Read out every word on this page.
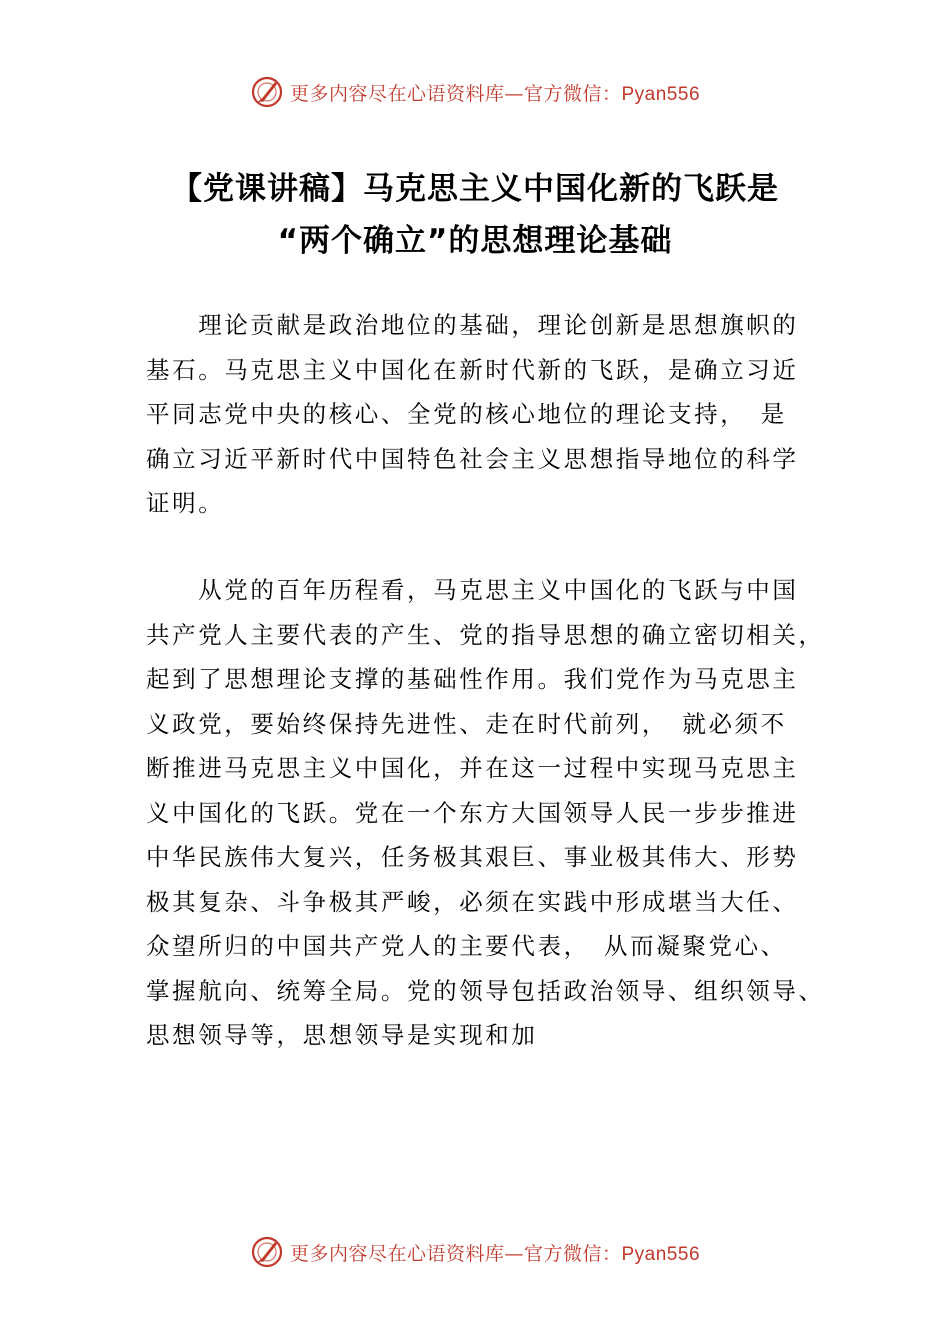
更多内容尽在心语资料库—官方微信：Pyan556
【党课讲稿】马克思主义中国化新的飞跃是
“两个确立”的思想理论基础

　　理论贡献是政治地位的基础，理论创新是思想旗帜的
基石。马克思主义中国化在新时代新的飞跃，是确立习近
平同志党中央的核心、全党的核心地位的理论支持，　是
确立习近平新时代中国特色社会主义思想指导地位的科学
证明。

　　从党的百年历程看，马克思主义中国化的飞跃与中国
共产党人主要代表的产生、党的指导思想的确立密切相关，
起到了思想理论支撑的基础性作用。我们党作为马克思主
义政党，要始终保持先进性、走在时代前列，　就必须不
断推进马克思主义中国化，并在这一过程中实现马克思主
义中国化的飞跃。党在一个东方大国领导人民一步步推进
中华民族伟大复兴，任务极其艰巨、事业极其伟大、形势
极其复杂、斗争极其严峻，必须在实践中形成堪当大任、
众望所归的中国共产党人的主要代表，　从而凝聚党心、
掌握航向、统筹全局。党的领导包括政治领导、组织领导、
思想领导等，思想领导是实现和加

更多内容尽在心语资料库—官方微信：Pyan556
